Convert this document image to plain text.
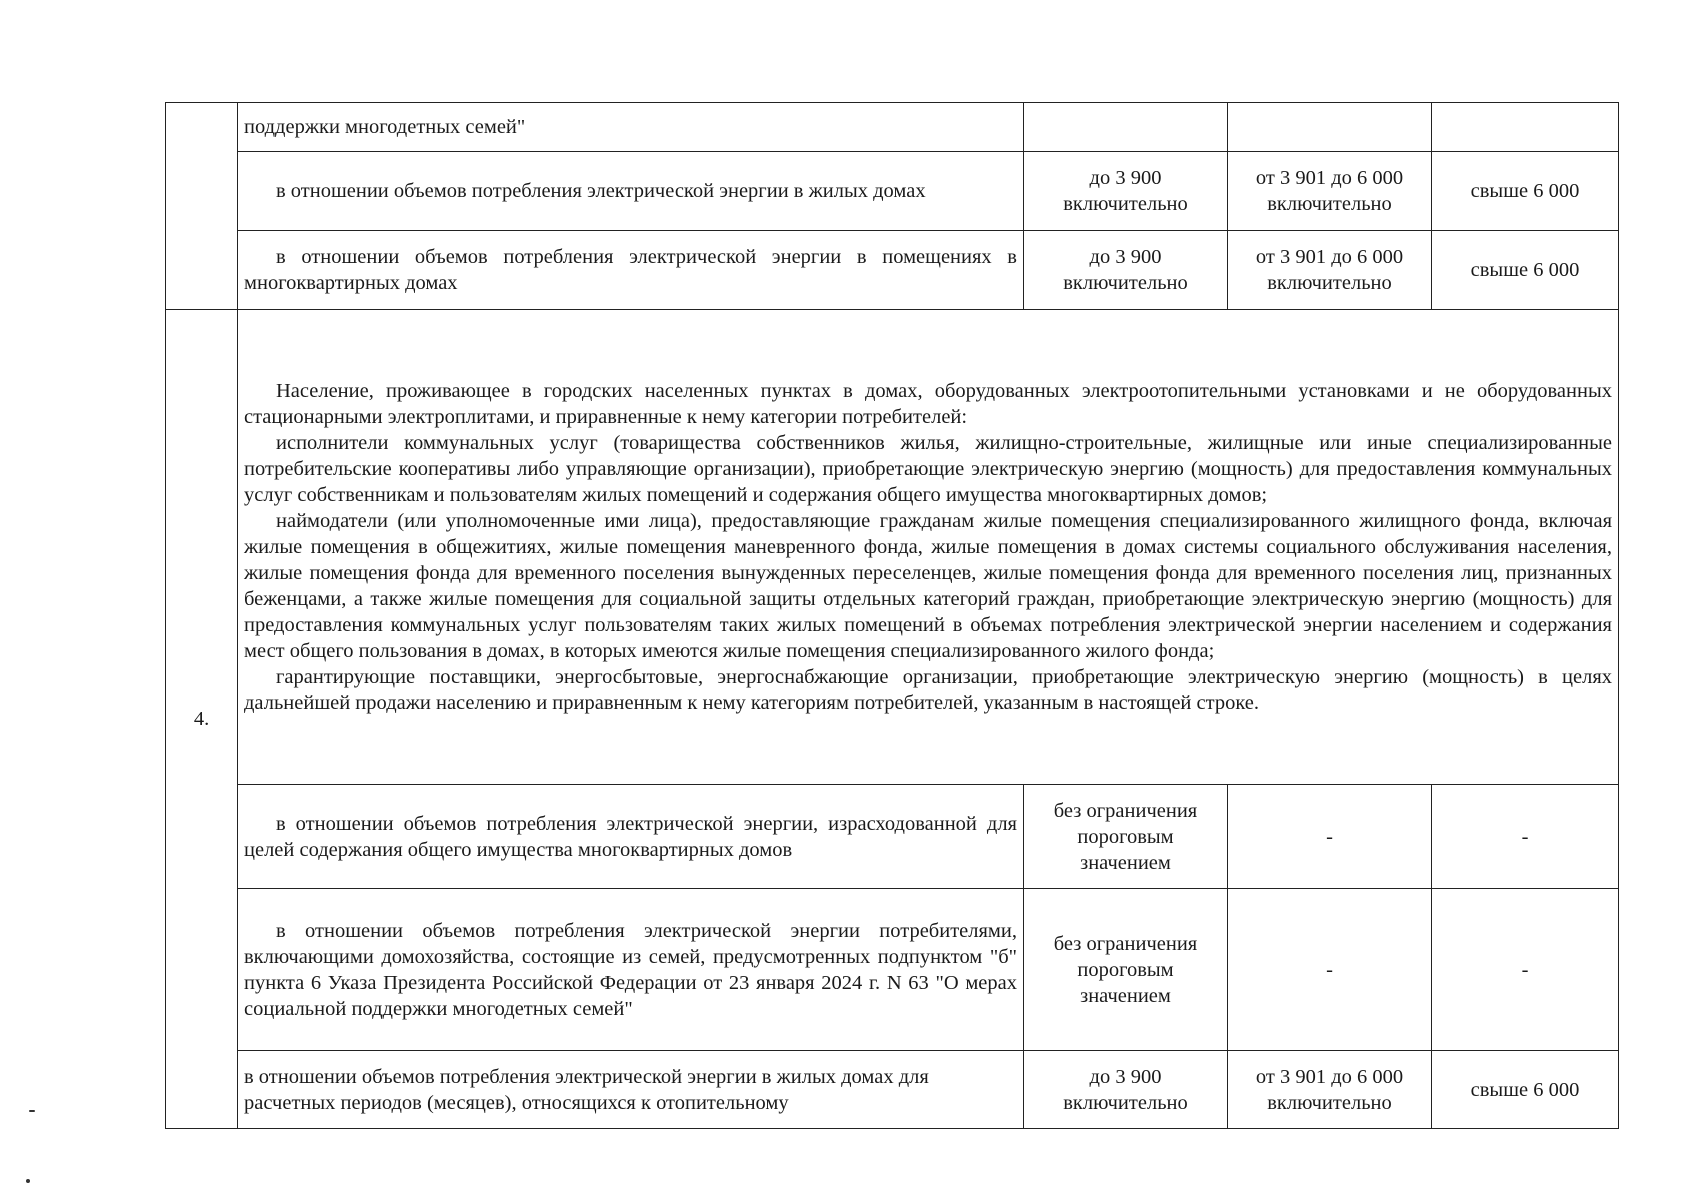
	поддержки многодетных семей"			
	в отношении объемов потребления электрической энергии в жилых домах	до 3 900 включительно	от 3 901 до 6 000 включительно	свыше 6 000
	в отношении объемов потребления электрической энергии в помещениях в многоквартирных домах	до 3 900 включительно	от 3 901 до 6 000 включительно	свыше 6 000
4.	Население, проживающее в городских населенных пунктах в домах, оборудованных электроотопительными установками и не оборудованных стационарными электроплитами, и приравненные к нему категории потребителей:

исполнители коммунальных услуг (товарищества собственников жилья, жилищно-строительные, жилищные или иные специализированные потребительские кооперативы либо управляющие организации), приобретающие электрическую энергию (мощность) для предоставления коммунальных услуг собственникам и пользователям жилых помещений и содержания общего имущества многоквартирных домов;

наймодатели (или уполномоченные ими лица), предоставляющие гражданам жилые помещения специализированного жилищного фонда, включая жилые помещения в общежитиях, жилые помещения маневренного фонда, жилые помещения в домах системы социального обслуживания населения, жилые помещения фонда для временного поселения вынужденных переселенцев, жилые помещения фонда для временного поселения лиц, признанных беженцами, а также жилые помещения для социальной защиты отдельных категорий граждан, приобретающие электрическую энергию (мощность) для предоставления коммунальных услуг пользователям таких жилых помещений в объемах потребления электрической энергии населением и содержания мест общего пользования в домах, в которых имеются жилые помещения специализированного жилого фонда;

гарантирующие поставщики, энергосбытовые, энергоснабжающие организации, приобретающие электрическую энергию (мощность) в целях дальнейшей продажи населению и приравненным к нему категориям потребителей, указанным в настоящей строке.			

	в отношении объемов потребления электрической энергии, израсходованной для целей содержания общего имущества многоквартирных домов	без ограничения пороговым значением	-	-
	в отношении объемов потребления электрической энергии потребителями, включающими домохозяйства, состоящие из семей, предусмотренных подпунктом "б" пункта 6 Указа Президента Российской Федерации от 23 января 2024 г. N 63 "О мерах социальной поддержки многодетных семей"	без ограничения пороговым значением	-	-
	в отношении объемов потребления электрической энергии в жилых домах для расчетных периодов (месяцев), относящихся к отопительному	до 3 900 включительно	от 3 901 до 6 000 включительно	свыше 6 000
